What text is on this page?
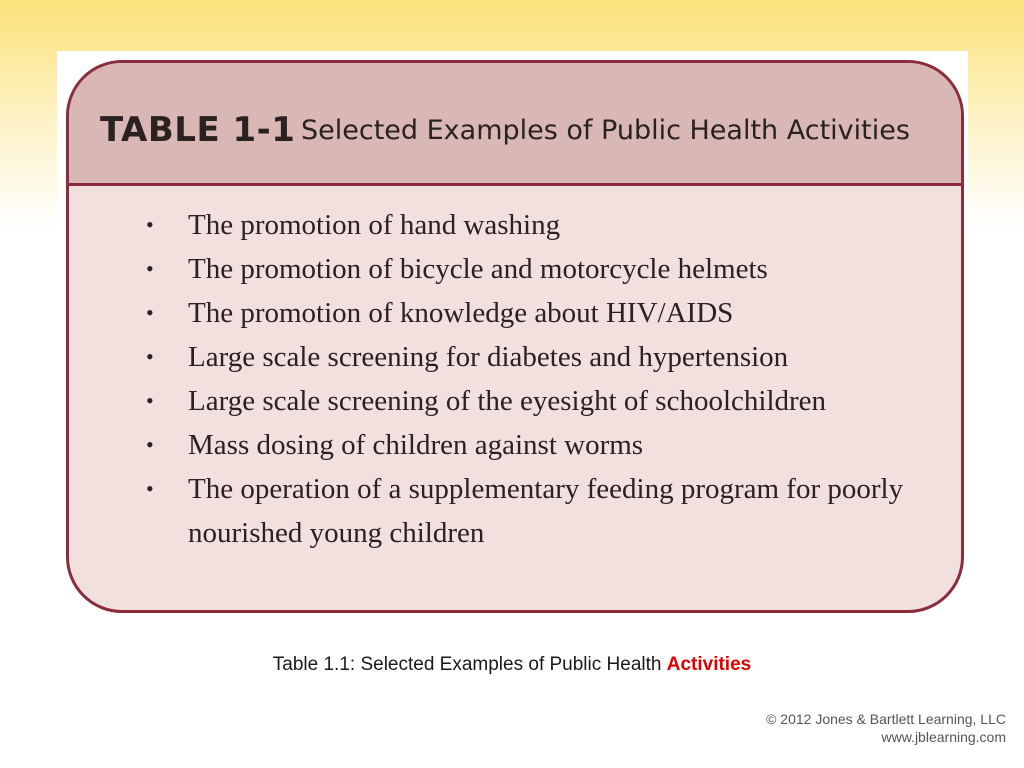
TABLE 1-1 Selected Examples of Public Health Activities
• The promotion of hand washing
• The promotion of bicycle and motorcycle helmets
• The promotion of knowledge about HIV/AIDS
• Large scale screening for diabetes and hypertension
• Large scale screening of the eyesight of schoolchildren
• Mass dosing of children against worms
• The operation of a supplementary feeding program for poorly nourished young children
Table 1.1: Selected Examples of Public Health Activities
© 2012 Jones & Bartlett Learning, LLC
www.jblearning.com
